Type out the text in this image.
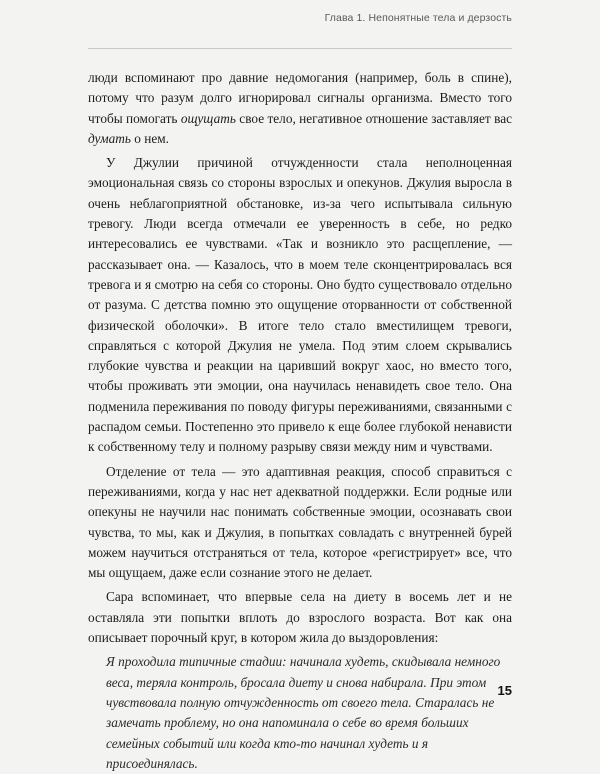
Глава 1. Непонятные тела и дерзость

люди вспоминают про давние недомогания (например, боль в спине), потому что разум долго игнорировал сигналы организма. Вместо того чтобы помогать ощущать свое тело, негативное отношение заставляет вас думать о нем.

У Джулии причиной отчужденности стала неполноценная эмоциональная связь со стороны взрослых и опекунов. Джулия выросла в очень неблагоприятной обстановке, из-за чего испытывала сильную тревогу. Люди всегда отмечали ее уверенность в себе, но редко интересовались ее чувствами. «Так и возникло это расщепление, — рассказывает она. — Казалось, что в моем теле сконцентрировалась вся тревога и я смотрю на себя со стороны. Оно будто существовало отдельно от разума. С детства помню это ощущение оторванности от собственной физической оболочки». В итоге тело стало вместилищем тревоги, справляться с которой Джулия не умела. Под этим слоем скрывались глубокие чувства и реакции на царивший вокруг хаос, но вместо того, чтобы проживать эти эмоции, она научилась ненавидеть свое тело. Она подменила переживания по поводу фигуры переживаниями, связанными с распадом семьи. Постепенно это привело к еще более глубокой ненависти к собственному телу и полному разрыву связи между ним и чувствами.

Отделение от тела — это адаптивная реакция, способ справиться с переживаниями, когда у нас нет адекватной поддержки. Если родные или опекуны не научили нас понимать собственные эмоции, осознавать свои чувства, то мы, как и Джулия, в попытках совладать с внутренней бурей можем научиться отстраняться от тела, которое «регистрирует» все, что мы ощущаем, даже если сознание этого не делает.

Сара вспоминает, что впервые села на диету в восемь лет и не оставляла эти попытки вплоть до взрослого возраста. Вот как она описывает порочный круг, в котором жила до выздоровления:

Я проходила типичные стадии: начинала худеть, скидывала немного веса, теряла контроль, бросала диету и снова набирала. При этом чувствовала полную отчужденность от своего тела. Старалась не замечать проблему, но она напоминала о себе во время больших семейных событий или когда кто-то начинал худеть и я присоединялась.

15
